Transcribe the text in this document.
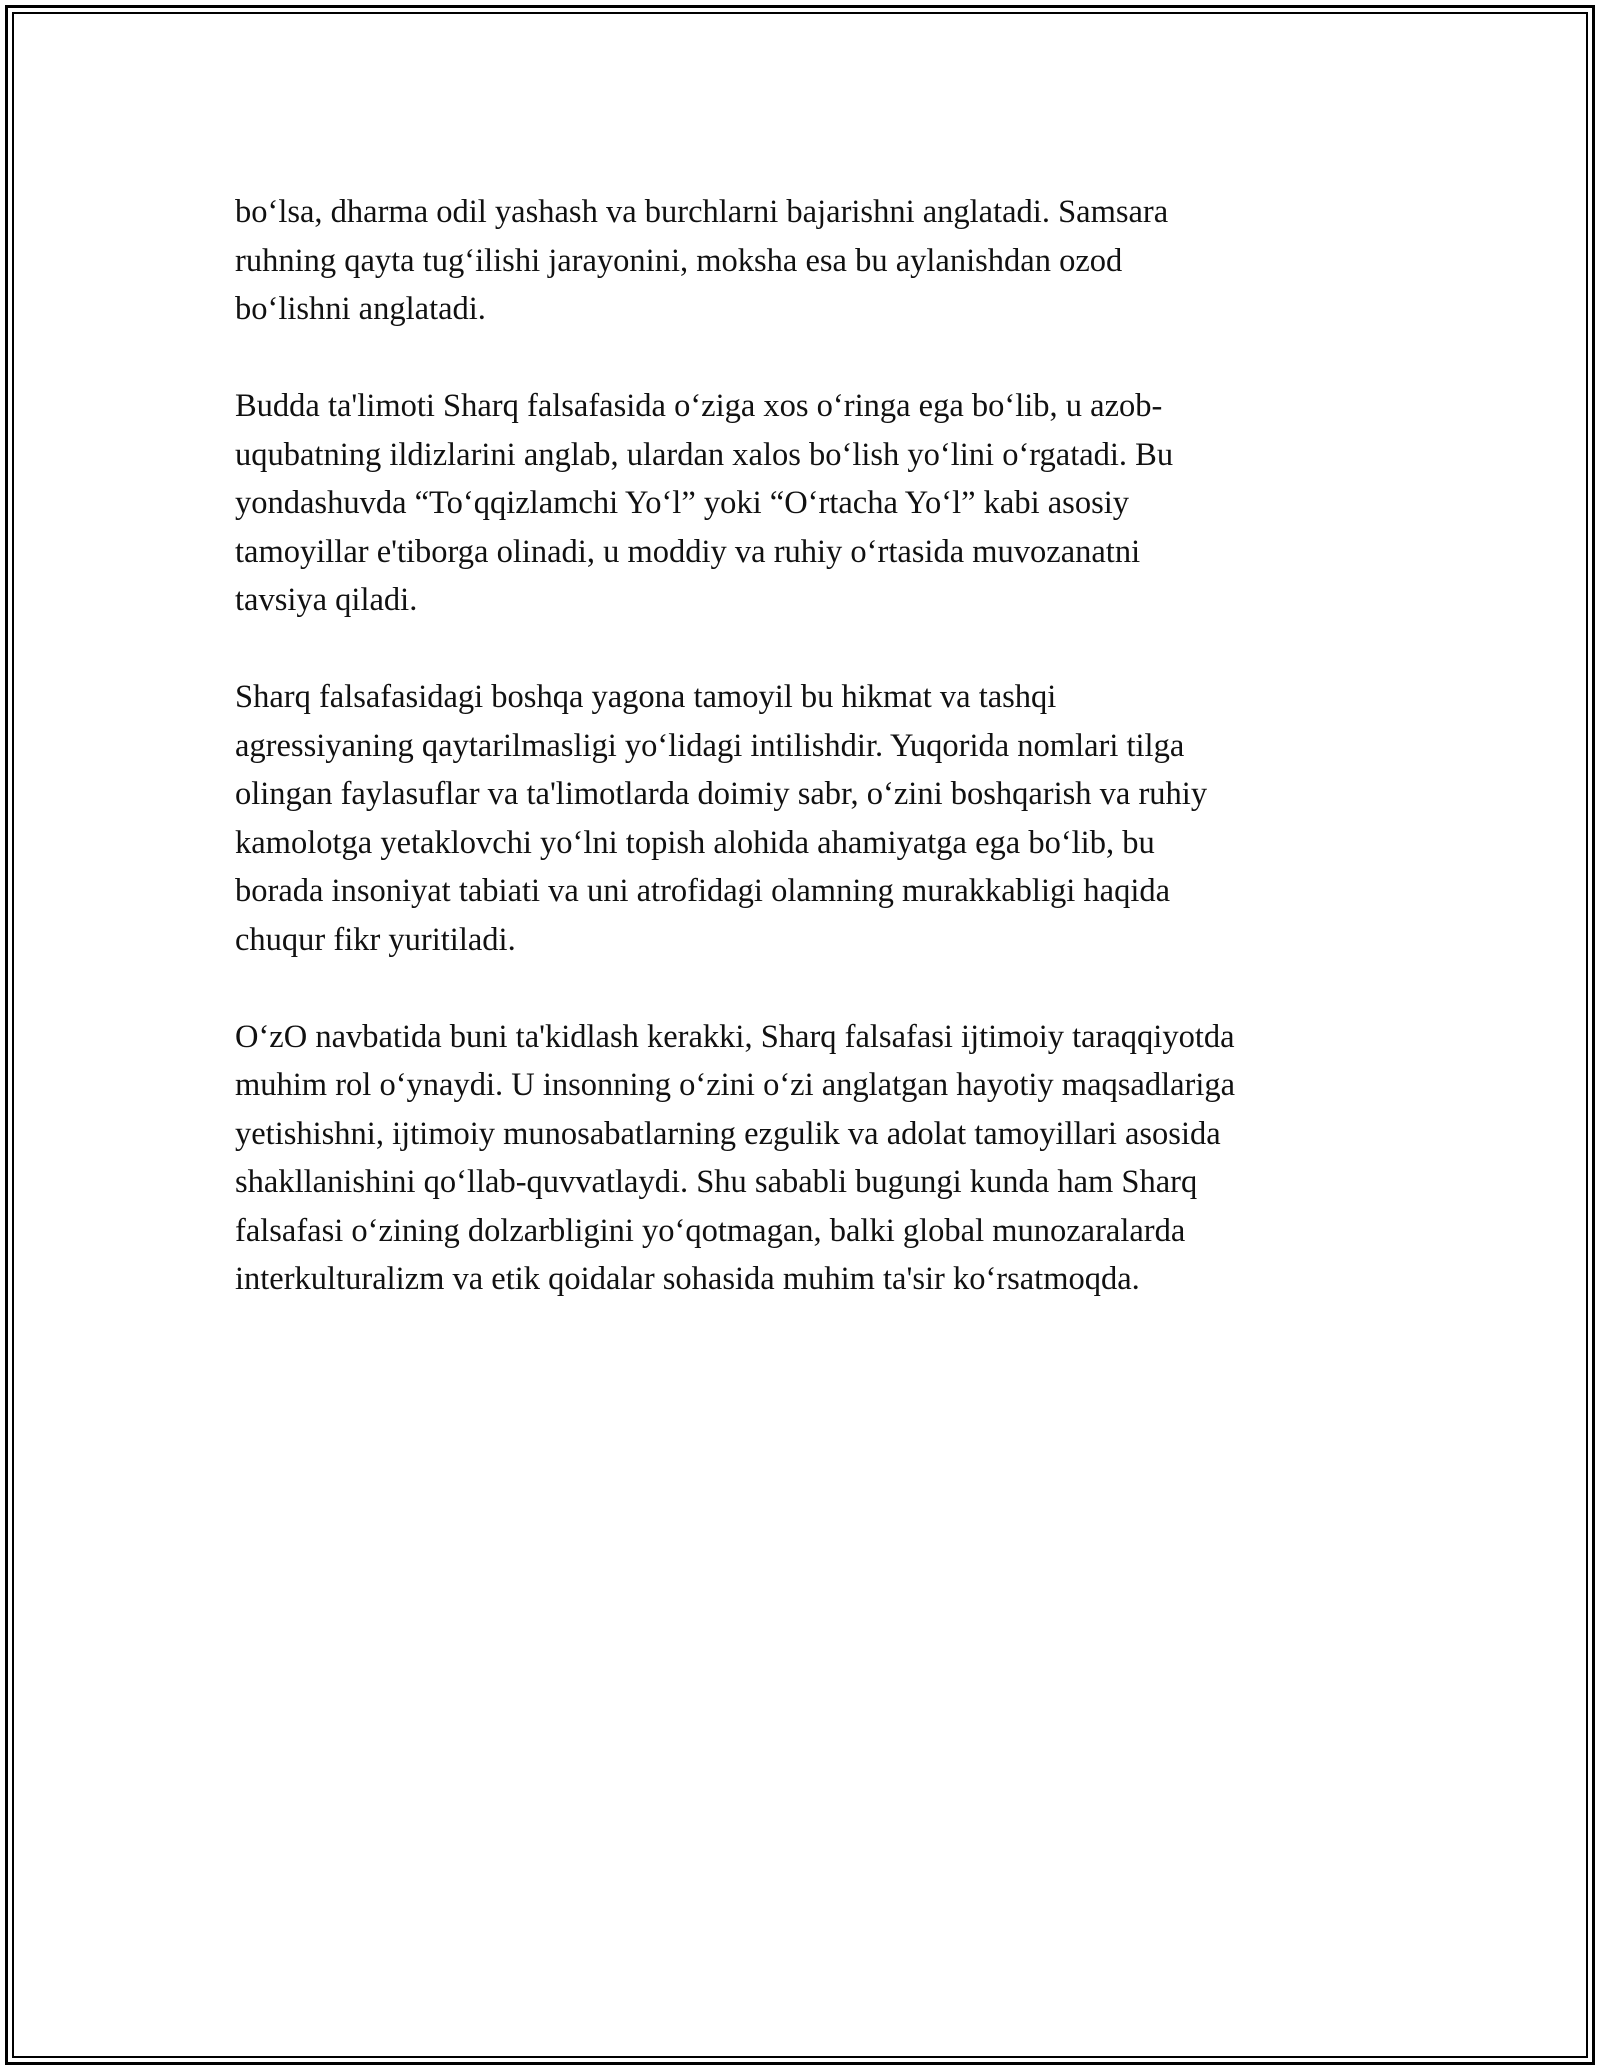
bo‘lsa, dharma odil yashash va burchlarni bajarishni anglatadi. Samsara
ruhning qayta tug‘ilishi jarayonini, moksha esa bu aylanishdan ozod
bo‘lishni anglatadi.

Budda ta'limoti Sharq falsafasida o‘ziga xos o‘ringa ega bo‘lib, u azob-
uqubatning ildizlarini anglab, ulardan xalos bo‘lish yo‘lini o‘rgatadi. Bu
yondashuvda “To‘qqizlamchi Yo‘l” yoki “O‘rtacha Yo‘l” kabi asosiy
tamoyillar e'tiborga olinadi, u moddiy va ruhiy o‘rtasida muvozanatni
tavsiya qiladi.

Sharq falsafasidagi boshqa yagona tamoyil bu hikmat va tashqi
agressiyaning qaytarilmasligi yo‘lidagi intilishdir. Yuqorida nomlari tilga
olingan faylasuflar va ta'limotlarda doimiy sabr, o‘zini boshqarish va ruhiy
kamolotga yetaklovchi yo‘lni topish alohida ahamiyatga ega bo‘lib, bu
borada insoniyat tabiati va uni atrofidagi olamning murakkabligi haqida
chuqur fikr yuritiladi.

O‘zO navbatida buni ta'kidlash kerakki, Sharq falsafasi ijtimoiy taraqqiyotda
muhim rol o‘ynaydi. U insonning o‘zini o‘zi anglatgan hayotiy maqsadlariga
yetishishni, ijtimoiy munosabatlarning ezgulik va adolat tamoyillari asosida
shakllanishini qo‘llab-quvvatlaydi. Shu sababli bugungi kunda ham Sharq
falsafasi o‘zining dolzarbligini yo‘qotmagan, balki global munozaralarda
interkulturalizm va etik qoidalar sohasida muhim ta'sir ko‘rsatmoqda.
